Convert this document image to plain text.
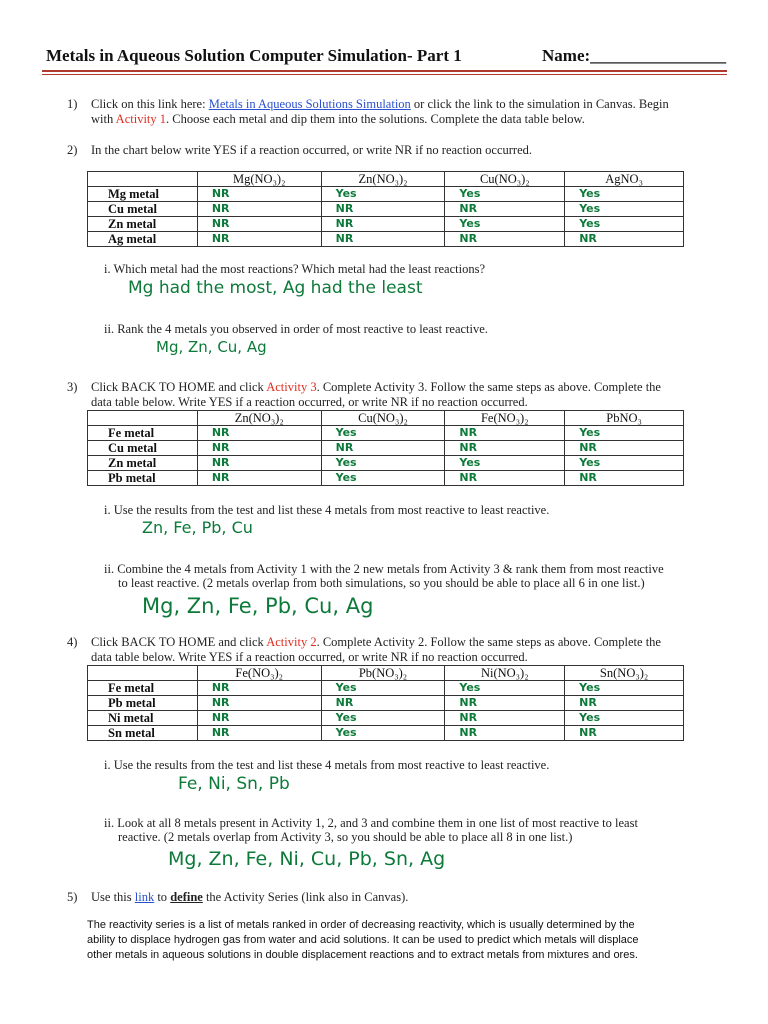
Metals in Aqueous Solution Computer Simulation- Part 1	Name:________________
1) Click on this link here: Metals in Aqueous Solutions Simulation or click the link to the simulation in Canvas. Begin
with Activity 1. Choose each metal and dip them into the solutions. Complete the data table below.
2) In the chart below write YES if a reaction occurred, or write NR if no reaction occurred.
	Mg(NO₃)₂	Zn(NO₃)₂	Cu(NO₃)₂	AgNO₃
Mg metal	NR	Yes	Yes	Yes
Cu metal	NR	NR	NR	Yes
Zn metal	NR	NR	Yes	Yes
Ag metal	NR	NR	NR	NR
i. Which metal had the most reactions? Which metal had the least reactions?
Mg had the most, Ag had the least
ii. Rank the 4 metals you observed in order of most reactive to least reactive.
Mg, Zn, Cu, Ag
3) Click BACK TO HOME and click Activity 3. Complete Activity 3. Follow the same steps as above. Complete the
data table below. Write YES if a reaction occurred, or write NR if no reaction occurred.
	Zn(NO₃)₂	Cu(NO₃)₂	Fe(NO₃)₂	PbNO₃
Fe metal	NR	Yes	NR	Yes
Cu metal	NR	NR	NR	NR
Zn metal	NR	Yes	Yes	Yes
Pb metal	NR	Yes	NR	NR
i. Use the results from the test and list these 4 metals from most reactive to least reactive.
Zn, Fe, Pb, Cu
ii. Combine the 4 metals from Activity 1 with the 2 new metals from Activity 3 & rank them from most reactive
to least reactive. (2 metals overlap from both simulations, so you should be able to place all 6 in one list.)
Mg, Zn, Fe, Pb, Cu, Ag
4) Click BACK TO HOME and click Activity 2. Complete Activity 2. Follow the same steps as above. Complete the
data table below. Write YES if a reaction occurred, or write NR if no reaction occurred.
	Fe(NO₃)₂	Pb(NO₃)₂	Ni(NO₃)₂	Sn(NO₃)₂
Fe metal	NR	Yes	Yes	Yes
Pb metal	NR	NR	NR	NR
Ni metal	NR	Yes	NR	Yes
Sn metal	NR	Yes	NR	NR
i. Use the results from the test and list these 4 metals from most reactive to least reactive.
Fe, Ni, Sn, Pb
ii. Look at all 8 metals present in Activity 1, 2, and 3 and combine them in one list of most reactive to least
reactive. (2 metals overlap from Activity 3, so you should be able to place all 8 in one list.)
Mg, Zn, Fe, Ni, Cu, Pb, Sn, Ag
5) Use this link to define the Activity Series (link also in Canvas).
The reactivity series is a list of metals ranked in order of decreasing reactivity, which is usually determined by the ability to displace hydrogen gas from water and acid solutions. It can be used to predict which metals will displace other metals in aqueous solutions in double displacement reactions and to extract metals from mixtures and ores.
